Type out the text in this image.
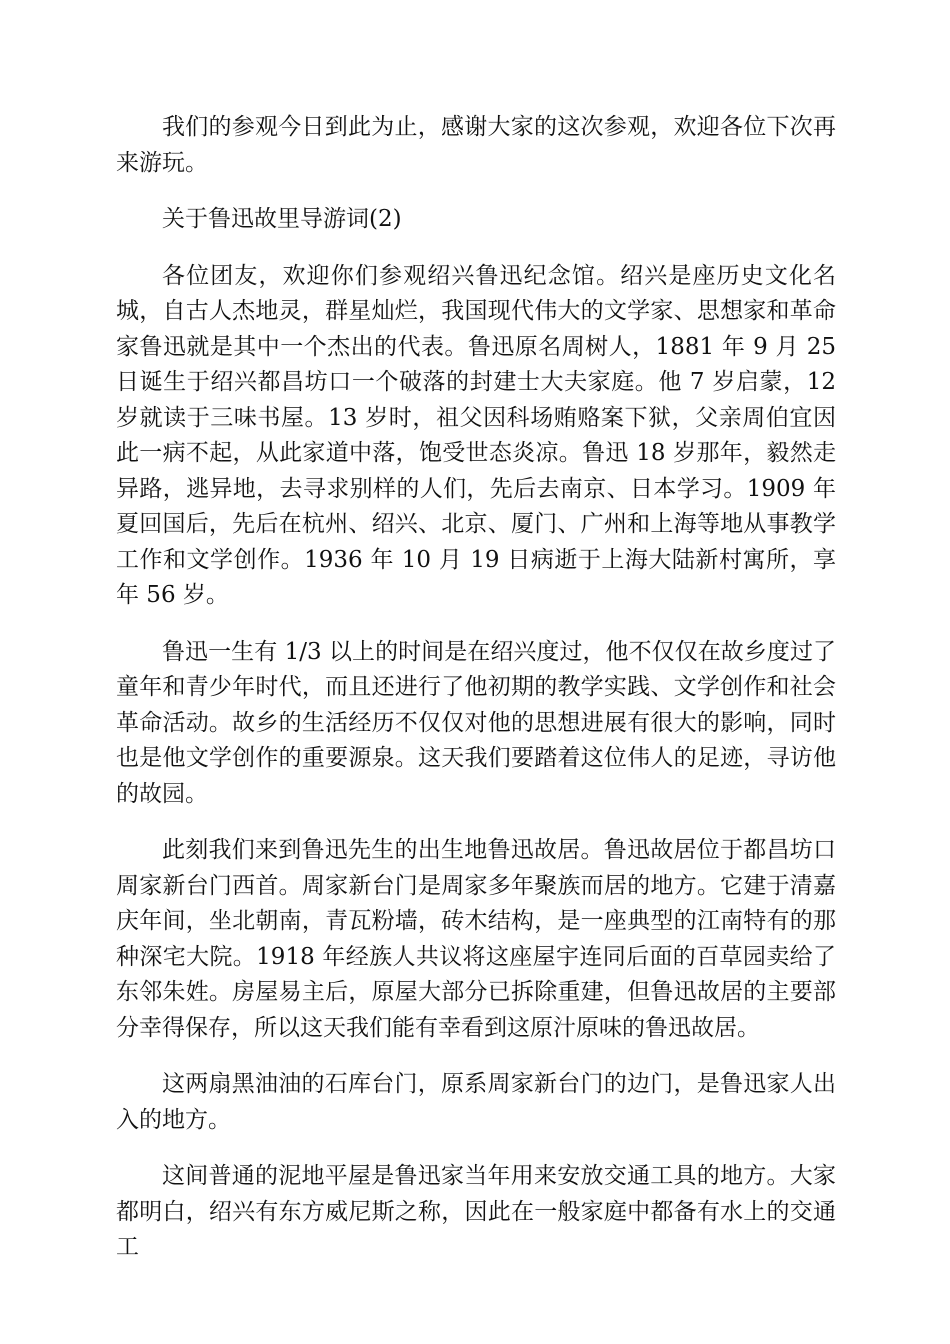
我们的参观今日到此为止，感谢大家的这次参观，欢迎各位下次再来游玩。

关于鲁迅故里导游词(2)

各位团友，欢迎你们参观绍兴鲁迅纪念馆。绍兴是座历史文化名城，自古人杰地灵，群星灿烂，我国现代伟大的文学家、思想家和革命家鲁迅就是其中一个杰出的代表。鲁迅原名周树人，1881 年 9 月 25 日诞生于绍兴都昌坊口一个破落的封建士大夫家庭。他 7 岁启蒙，12 岁就读于三味书屋。13 岁时，祖父因科场贿赂案下狱，父亲周伯宜因此一病不起，从此家道中落，饱受世态炎凉。鲁迅 18 岁那年，毅然走异路，逃异地，去寻求别样的人们，先后去南京、日本学习。1909 年夏回国后，先后在杭州、绍兴、北京、厦门、广州和上海等地从事教学工作和文学创作。1936 年 10 月 19 日病逝于上海大陆新村寓所，享年 56 岁。

鲁迅一生有 1/3 以上的时间是在绍兴度过，他不仅仅在故乡度过了童年和青少年时代，而且还进行了他初期的教学实践、文学创作和社会革命活动。故乡的生活经历不仅仅对他的思想进展有很大的影响，同时也是他文学创作的重要源泉。这天我们要踏着这位伟人的足迹，寻访他的故园。

此刻我们来到鲁迅先生的出生地鲁迅故居。鲁迅故居位于都昌坊口周家新台门西首。周家新台门是周家多年聚族而居的地方。它建于清嘉庆年间，坐北朝南，青瓦粉墙，砖木结构，是一座典型的江南特有的那种深宅大院。1918 年经族人共议将这座屋宇连同后面的百草园卖给了东邻朱姓。房屋易主后，原屋大部分已拆除重建，但鲁迅故居的主要部分幸得保存，所以这天我们能有幸看到这原汁原味的鲁迅故居。

这两扇黑油油的石库台门，原系周家新台门的边门，是鲁迅家人出入的地方。

这间普通的泥地平屋是鲁迅家当年用来安放交通工具的地方。大家都明白，绍兴有东方威尼斯之称，因此在一般家庭中都备有水上的交通工
